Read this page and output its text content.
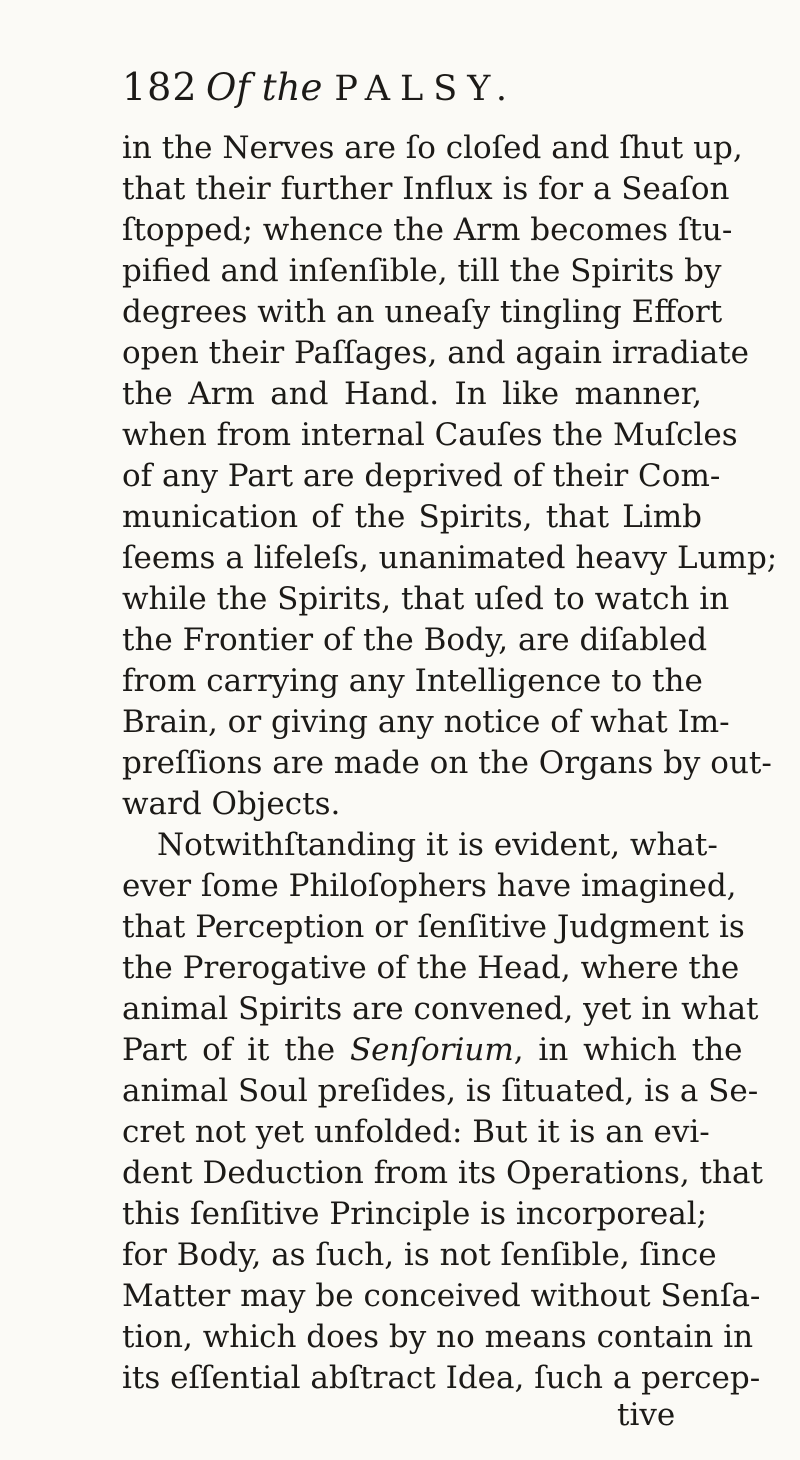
182 Of the PALSY.
in the Nerves are ſo cloſed and ſhut up,
that their further Influx is for a Seaſon
ſtopped; whence the Arm becomes ſtu-
pified and inſenſible, till the Spirits by
degrees with an uneaſy tingling Effort
open their Paſſages, and again irradiate
the Arm and Hand. In like manner,
when from internal Cauſes the Muſcles
of any Part are deprived of their Com-
munication of the Spirits, that Limb
ſeems a lifeleſs, unanimated heavy Lump;
while the Spirits, that uſed to watch in
the Frontier of the Body, are diſabled
from carrying any Intelligence to the
Brain, or giving any notice of what Im-
preſſions are made on the Organs by out-
ward Objects.
Notwithſtanding it is evident, what-
ever ſome Philoſophers have imagined,
that Perception or ſenſitive Judgment is
the Prerogative of the Head, where the
animal Spirits are convened, yet in what
Part of it the Senſorium, in which the
animal Soul preſides, is ſituated, is a Se-
cret not yet unfolded: But it is an evi-
dent Deduction from its Operations, that
this ſenſitive Principle is incorporeal;
for Body, as ſuch, is not ſenſible, ſince
Matter may be conceived without Senſa-
tion, which does by no means contain in
its eſſential abſtract Idea, ſuch a percep-
tive
